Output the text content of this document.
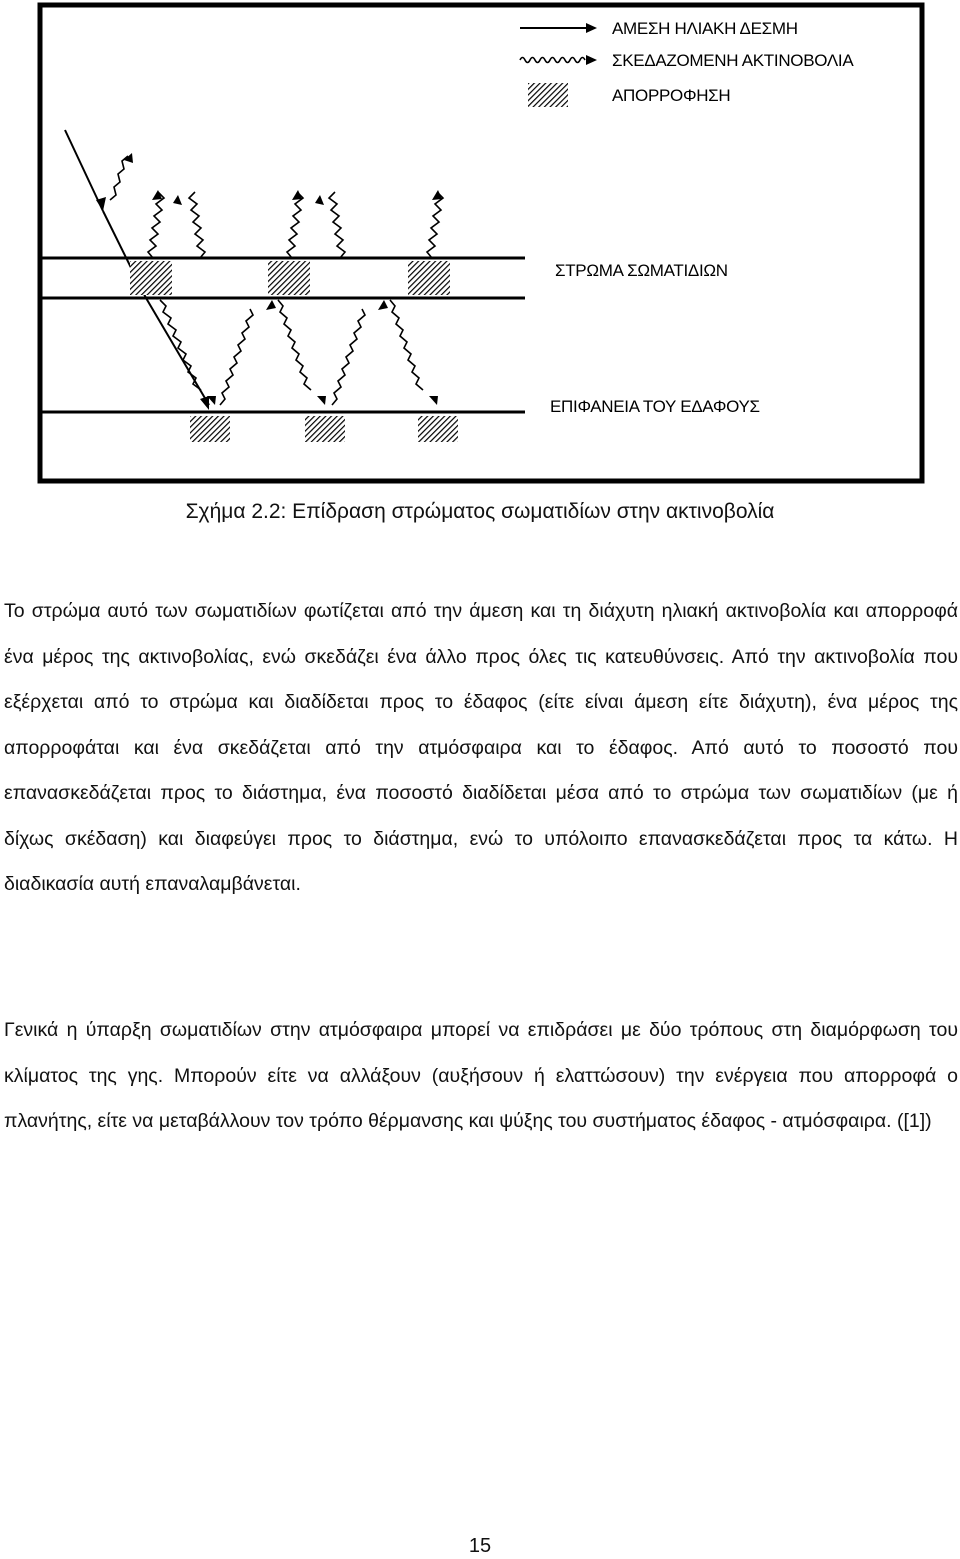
ΑΜΕΣΗ ΗΛΙΑΚΗ ΔΕΣΜΗ
ΣΚΕΔΑΖΟΜΕΝΗ ΑΚΤΙΝΟΒΟΛΙΑ
ΑΠΟΡΡΟΦΗΣΗ
ΣΤΡΩΜΑ ΣΩΜΑΤΙΔΙΩΝ
ΕΠΙΦΑΝΕΙΑ ΤΟΥ ΕΔΑΦΟΥΣ
Σχήμα 2.2: Επίδραση στρώματος σωματιδίων στην ακτινοβολία

Το στρώμα αυτό των σωματιδίων φωτίζεται από την άμεση και τη διάχυτη ηλιακή ακτινοβολία και απορροφά ένα μέρος της ακτινοβολίας, ενώ σκεδάζει ένα άλλο προς όλες τις κατευθύνσεις. Από την ακτινοβολία που εξέρχεται από το στρώμα και διαδίδεται προς το έδαφος (είτε είναι άμεση είτε διάχυτη), ένα μέρος της απορροφάται και ένα σκεδάζεται από την ατμόσφαιρα και το έδαφος. Από αυτό το ποσοστό που επανασκεδάζεται προς το διάστημα, ένα ποσοστό διαδίδεται μέσα από το στρώμα των σωματιδίων (με ή δίχως σκέδαση) και διαφεύγει προς το διάστημα, ενώ το υπόλοιπο επανασκεδάζεται προς τα κάτω. Η διαδικασία αυτή επαναλαμβάνεται.

Γενικά η ύπαρξη σωματιδίων στην ατμόσφαιρα μπορεί να επιδράσει με δύο τρόπους στη διαμόρφωση του κλίματος της γης. Μπορούν είτε να αλλάξουν (αυξήσουν ή ελαττώσουν) την ενέργεια που απορροφά ο πλανήτης, είτε να μεταβάλλουν τον τρόπο θέρμανσης και ψύξης του συστήματος έδαφος - ατμόσφαιρα. ([1])

15
